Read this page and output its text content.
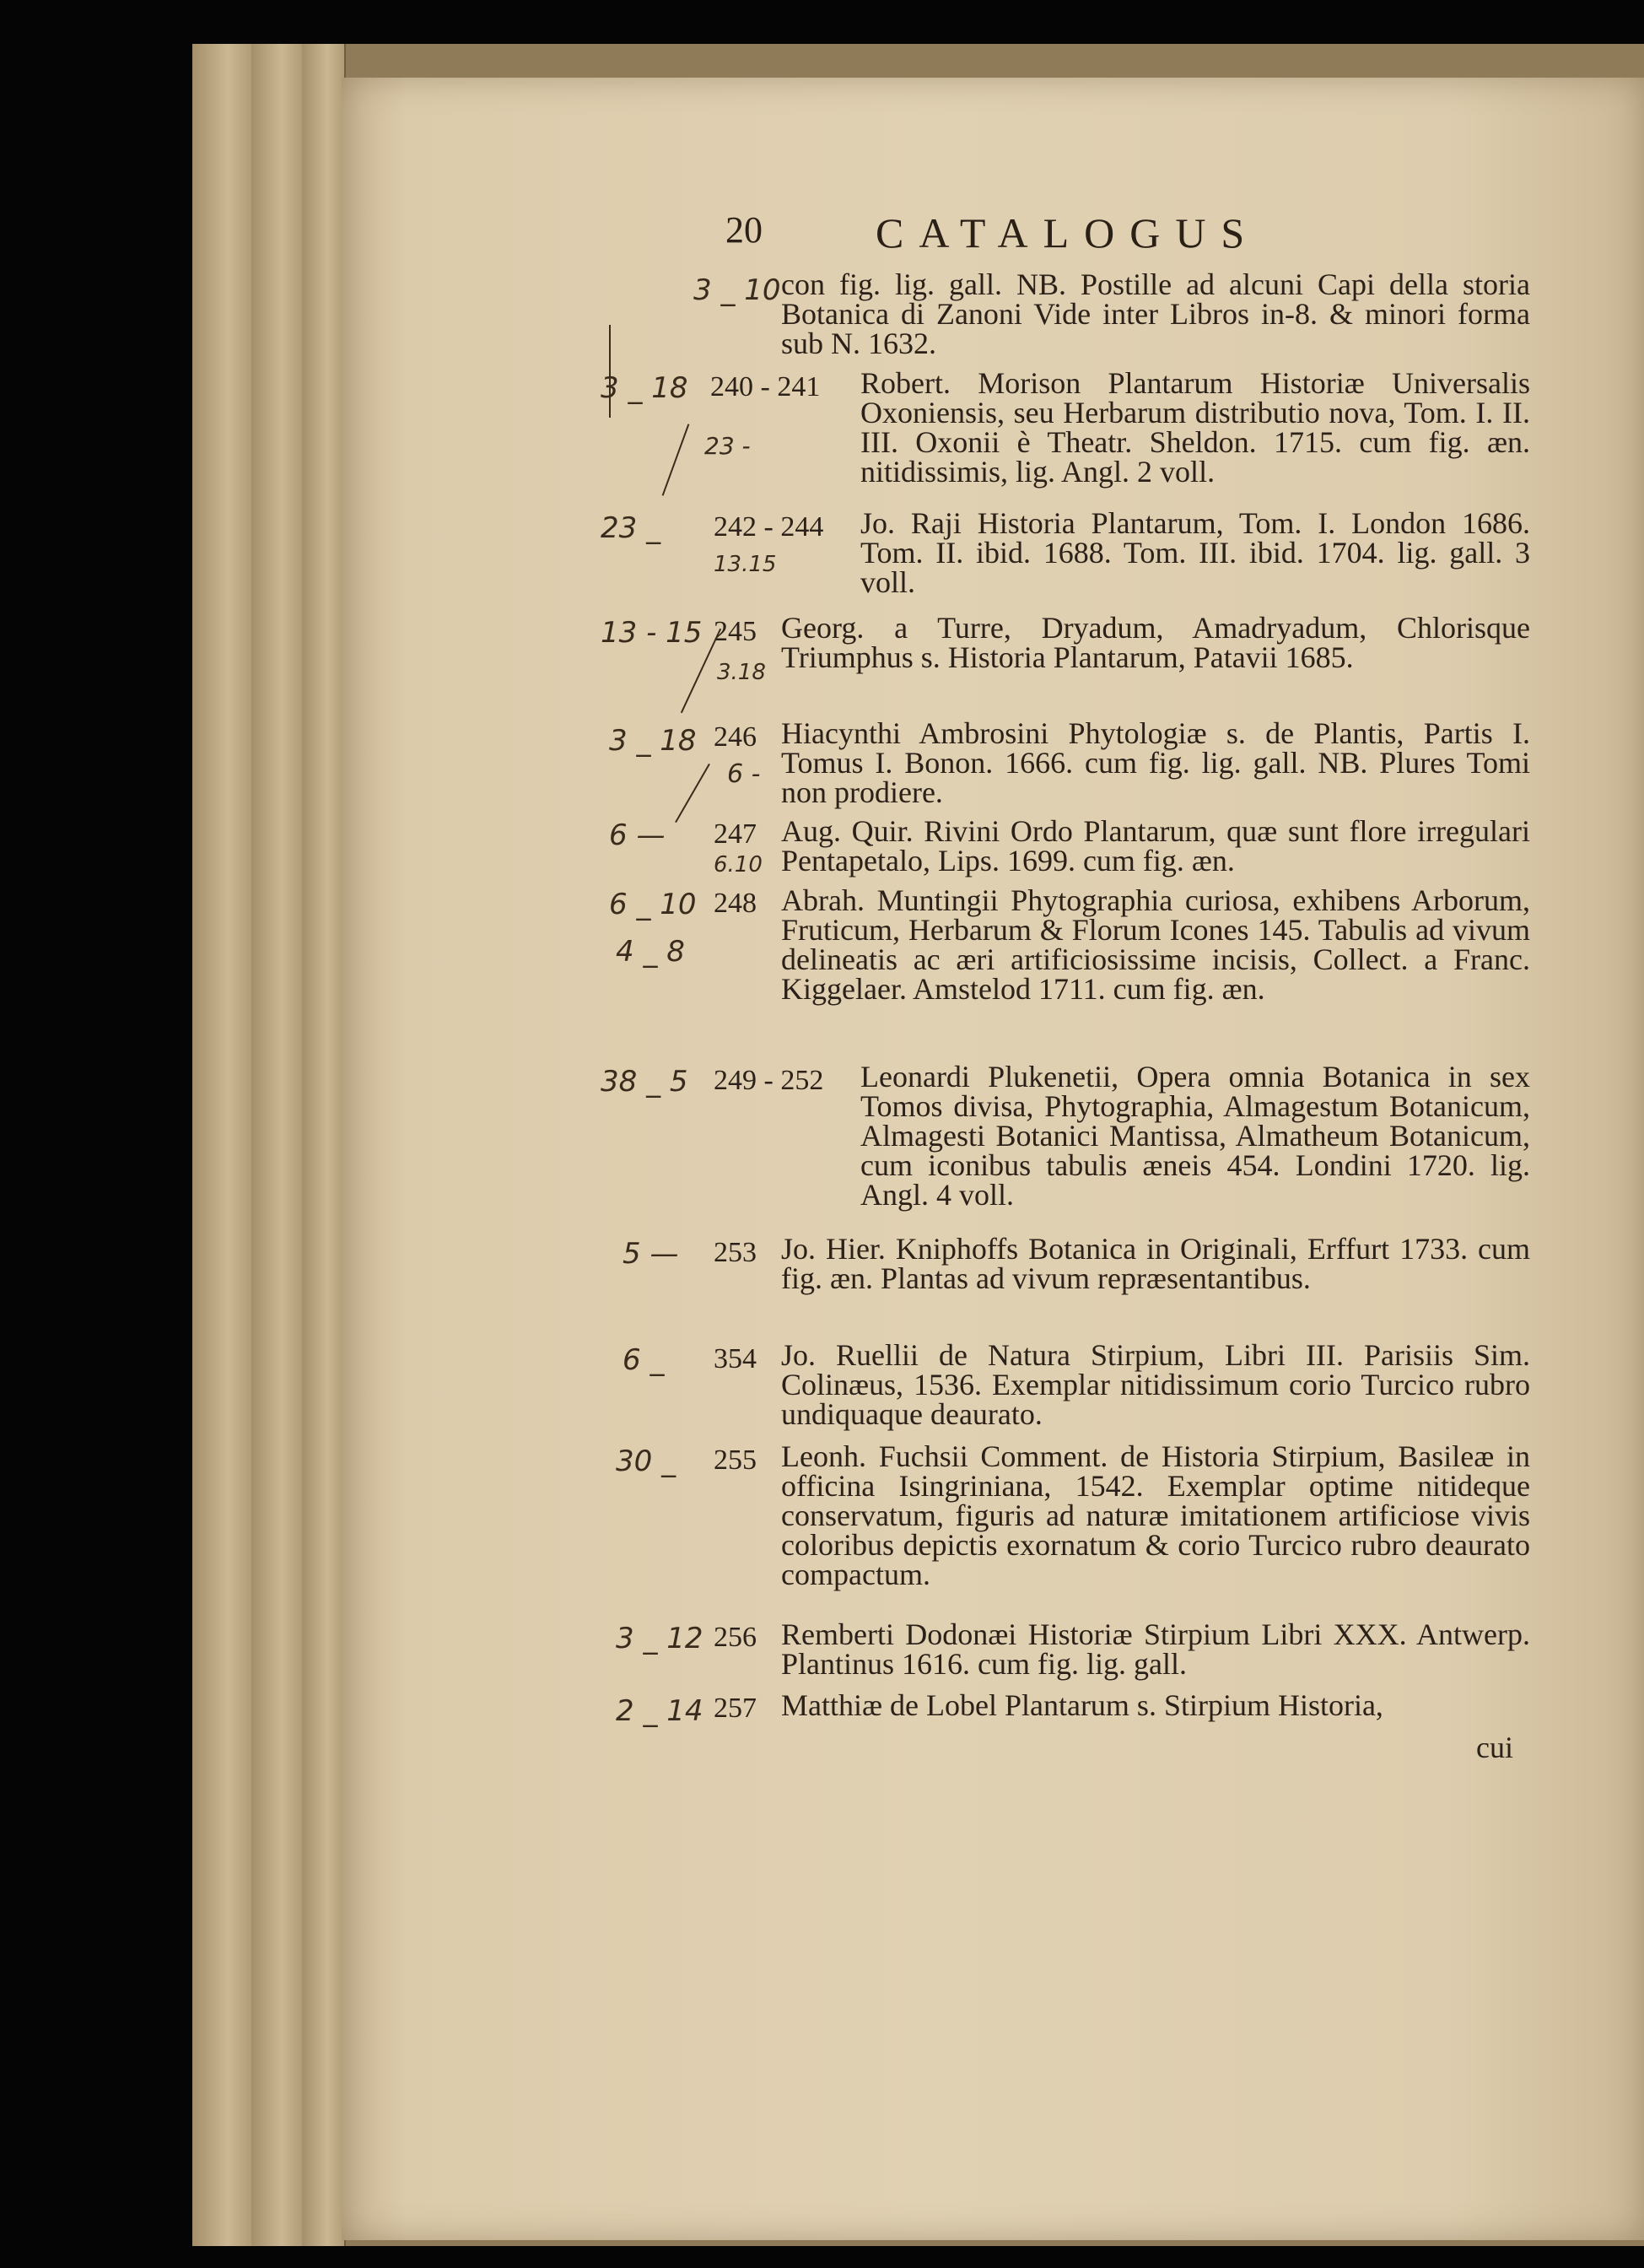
20	CATALOGUS
3 _ 10 con fig. lig. gall. NB. Postille ad alcuni Capi della storia Botanica di Zanoni Vide inter Libros in-8. & minori forma sub N. 1632.
3 _ 18
23 -
240 - 241 Robert. Morison Plantarum Historiæ Universalis Oxoniensis, seu Herbarum distributio nova, Tom. I. II. III. Oxonii è Theatr. Sheldon. 1715. cum fig. æn. nitidissimis, lig. Angl. 2 voll.
23 _
13.15
242 - 244 Jo. Raji Historia Plantarum, Tom. I. London 1686. Tom. II. ibid. 1688. Tom. III. ibid. 1704. lig. gall. 3 voll.
13 - 15
3.18
245 Georg. a Turre, Dryadum, Amadryadum, Chlorisque Triumphus s. Historia Plantarum, Patavii 1685.
3 _ 18
6 -
246 Hiacynthi Ambrosini Phytologiæ s. de Plantis, Partis I. Tomus I. Bonon. 1666. cum fig. lig. gall. NB. Plures Tomi non prodiere.
6 —
6.10
247 Aug. Quir. Rivini Ordo Plantarum, quæ sunt flore irregulari Pentapetalo, Lips. 1699. cum fig. æn.
6 _ 10
4 _ 8
248 Abrah. Muntingii Phytographia curiosa, exhibens Arborum, Fruticum, Herbarum & Florum Icones 145. Tabulis ad vivum delineatis ac æri artificiosissime incisis, Collect. a Franc. Kiggelaer. Amstelod 1711. cum fig. æn.
38 _ 5 249 - 252 Leonardi Plukenetii, Opera omnia Botanica in sex Tomos divisa, Phytographia, Almagestum Botanicum, Almagesti Botanici Mantissa, Almatheum Botanicum, cum iconibus tabulis æneis 454. Londini 1720. lig. Angl. 4 voll.
5 — 253 Jo. Hier. Kniphoffs Botanica in Originali, Erffurt 1733. cum fig. æn. Plantas ad vivum repræsentantibus.
6 _ 354 Jo. Ruellii de Natura Stirpium, Libri III. Parisiis Sim. Colinæus, 1536. Exemplar nitidissimum corio Turcico rubro undiquaque deaurato.
30 _ 255 Leonh. Fuchsii Comment. de Historia Stirpium, Basileæ in officina Isingriniana, 1542. Exemplar optime nitideque conservatum, figuris ad naturæ imitationem artificiose vivis coloribus depictis exornatum & corio Turcico rubro deaurato compactum.
3 _ 12 256 Remberti Dodonæi Historiæ Stirpium Libri XXX. Antwerp. Plantinus 1616. cum fig. lig. gall.
2 _ 14 257 Matthiæ de Lobel Plantarum s. Stirpium Historia,
cui
